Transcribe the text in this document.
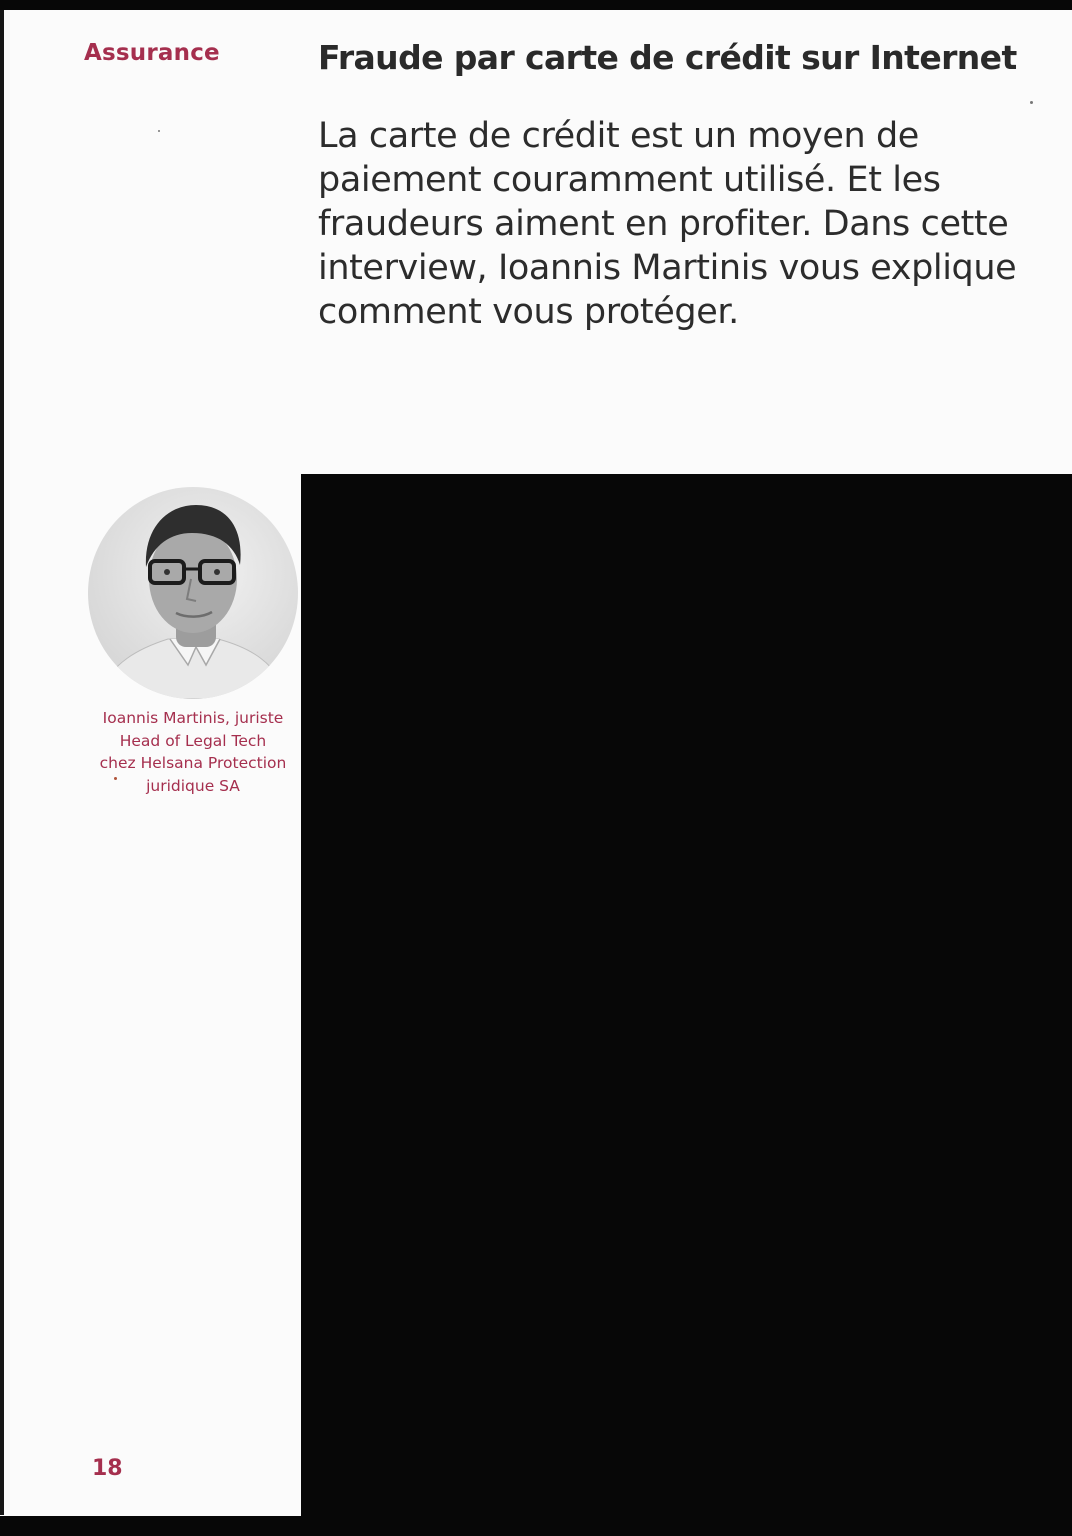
Assurance	Fraude par carte de crédit sur Internet

La carte de crédit est un moyen de paiement couramment utilisé. Et les fraudeurs aiment en profiter. Dans cette interview, Ioannis Martinis vous explique comment vous protéger.

Ioannis Martinis, juriste
Head of Legal Tech
chez Helsana Protection
juridique SA
18
